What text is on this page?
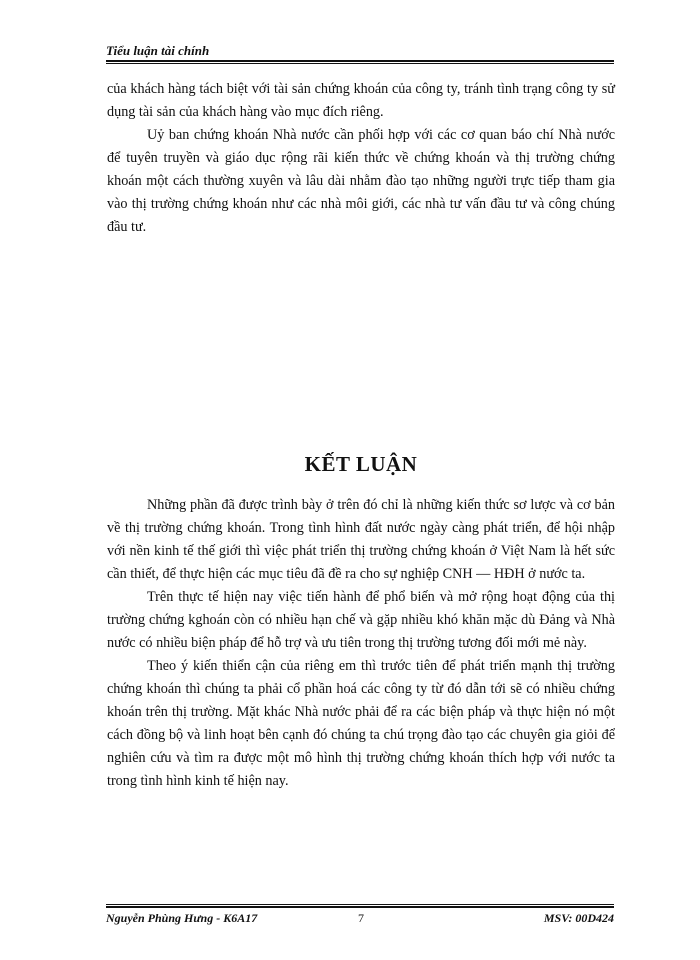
Tiểu luận tài chính

của khách hàng tách biệt với tài sản chứng khoán của công ty, tránh tình trạng công ty sử dụng tài sản của khách hàng vào mục đích riêng.

Uỷ ban chứng khoán Nhà nước cần phối hợp với các cơ quan báo chí Nhà nước để tuyên truyền và giáo dục rộng rãi kiến thức về chứng khoán và thị trường chứng khoán một cách thường xuyên và lâu dài nhằm đào tạo những người trực tiếp tham gia vào thị trường chứng khoán như các nhà môi giới, các nhà tư vấn đầu tư và công chúng đầu tư.

KẾT LUẬN

Những phần đã được trình bày ở trên đó chỉ là những kiến thức sơ lược và cơ bản về thị trường chứng khoán. Trong tình hình đất nước ngày càng phát triển, để hội nhập với nền kinh tế thế giới thì việc phát triển thị trường chứng khoán ở Việt Nam là hết sức cần thiết, để thực hiện các mục tiêu đã đề ra cho sự nghiệp CNH — HĐH ở nước ta.

Trên thực tế hiện nay việc tiến hành để phổ biến và mở rộng hoạt động của thị trường chứng kghoán còn có nhiều hạn chế và gặp nhiều khó khăn mặc dù Đảng và Nhà nước có nhiều biện pháp để hỗ trợ và ưu tiên trong thị trường tương đối mới mẻ này.

Theo ý kiến thiển cận của riêng em thì trước tiên để phát triển mạnh thị trường chứng khoán thì chúng ta phải cổ phần hoá các công ty từ đó dẫn tới sẽ có nhiều chứng khoán trên thị trường. Mặt khác Nhà nước phải để ra các biện pháp và thực hiện nó một cách đồng bộ và linh hoạt bên cạnh đó chúng ta chú trọng đào tạo các chuyên gia giỏi để nghiên cứu và tìm ra được một mô hình thị trường chứng khoán thích hợp với nước ta trong tình hình kinh tế hiện nay.

Nguyễn Phùng Hưng - K6A17	7	MSV: 00D424
